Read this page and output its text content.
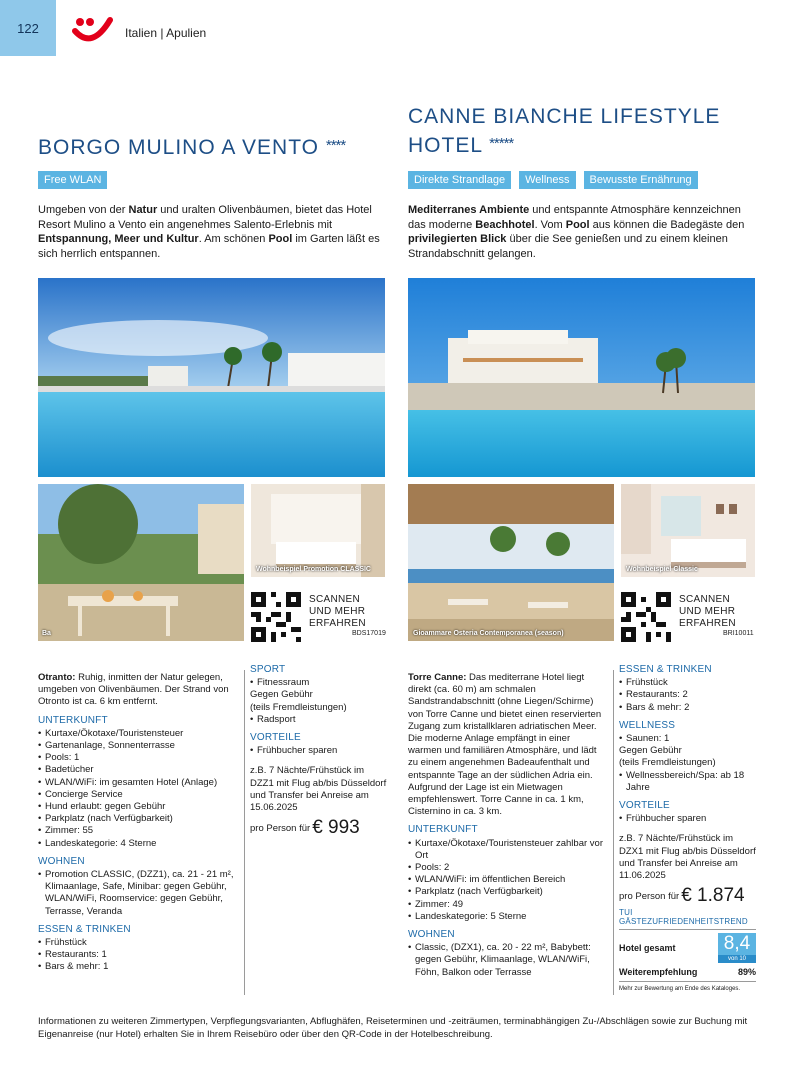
122	Italien | Apulien
BORGO MULINO A VENTO ****
Free WLAN

Umgeben von der Natur und uralten Olivenbäumen, bietet das Hotel Resort Mulino a Vento ein angenehmes Salento-Erlebnis mit Entspannung, Meer und Kultur. Am schönen Pool im Garten läßt es sich herrlich entspannen.

Ba
Wohnbeispiel Promotion CLASSIC
SCANNEN
UND MEHR
ERFAHREN
BDS17019
Otranto: Ruhig, inmitten der Natur gelegen, umgeben von Olivenbäumen. Der Strand von Otronto ist ca. 6 km entfernt.
UNTERKUNFT
• Kurtaxe/Ökotaxe/Touristensteuer
• Gartenanlage, Sonnenterrasse
• Pools: 1
• Badetücher
• WLAN/WiFi: im gesamten Hotel (Anlage)
• Concierge Service
• Hund erlaubt: gegen Gebühr
• Parkplatz (nach Verfügbarkeit)
• Zimmer: 55
• Landeskategorie: 4 Sterne
WOHNEN
• Promotion CLASSIC, (DZZ1), ca. 21 - 21 m², Klimaanlage, Safe, Minibar: gegen Gebühr, WLAN/WiFi, Roomservice: gegen Gebühr, Terrasse, Veranda
ESSEN & TRINKEN
• Frühstück
• Restaurants: 1
• Bars & mehr: 1
SPORT
• Fitnessraum
Gegen Gebühr
(teils Fremdleistungen)
• Radsport
VORTEILE
• Frühbucher sparen
z.B. 7 Nächte/Frühstück im DZZ1 mit Flug ab/bis Düsseldorf und Transfer bei Anreise am 15.06.2025
pro Person für € 993
CANNE BIANCHE LIFESTYLE
HOTEL *****
Direkte Strandlage	Wellness	Bewusste Ernährung

Mediterranes Ambiente und entspannte Atmosphäre kennzeichnen das moderne Beachhotel. Vom Pool aus können die Badegäste den privilegierten Blick über die See genießen und zu einem kleinen Strandabschnitt gelangen.

Gioammare Osteria Contemporanea (season)
Wohnbeispiel Classic
SCANNEN
UND MEHR
ERFAHREN
BRI10011
Torre Canne: Das mediterrane Hotel liegt direkt (ca. 60 m) am schmalen Sandstrandabschnitt (ohne Liegen/Schirme) von Torre Canne und bietet einen reservierten Zugang zum kristallklaren adriatischen Meer. Die moderne Anlage empfängt in einer warmen und familiären Atmosphäre, und lädt zu einem angenehmen Badeaufenthalt und entspannte Tage an der südlichen Adria ein. Aufgrund der Lage ist ein Mietwagen empfehlenswert. Torre Canne in ca. 1 km, Cisternino in ca. 3 km.
UNTERKUNFT
• Kurtaxe/Ökotaxe/Touristensteuer zahlbar vor Ort
• Pools: 2
• WLAN/WiFi: im öffentlichen Bereich
• Parkplatz (nach Verfügbarkeit)
• Zimmer: 49
• Landeskategorie: 5 Sterne
WOHNEN
• Classic, (DZX1), ca. 20 - 22 m², Babybett: gegen Gebühr, Klimaanlage, WLAN/WiFi, Föhn, Balkon oder Terrasse
ESSEN & TRINKEN
• Frühstück
• Restaurants: 2
• Bars & mehr: 2
WELLNESS
• Saunen: 1
Gegen Gebühr
(teils Fremdleistungen)
• Wellnessbereich/Spa: ab 18 Jahre
VORTEILE
• Frühbucher sparen
z.B. 7 Nächte/Frühstück im DZX1 mit Flug ab/bis Düsseldorf und Transfer bei Anreise am 11.06.2025
pro Person für € 1.874
TUI GÄSTEZUFRIEDENHEITSTREND
Hotel gesamt	8,4
von 10
Weiterempfehlung	89%
Mehr zur Bewertung am Ende des Kataloges.
Informationen zu weiteren Zimmertypen, Verpflegungsvarianten, Abflughäfen, Reiseterminen und -zeiträumen, terminabhängigen Zu-/Abschlägen sowie zur Buchung mit Eigenanreise (nur Hotel) erhalten Sie in Ihrem Reisebüro oder über den QR-Code in der Hotelbeschreibung.
